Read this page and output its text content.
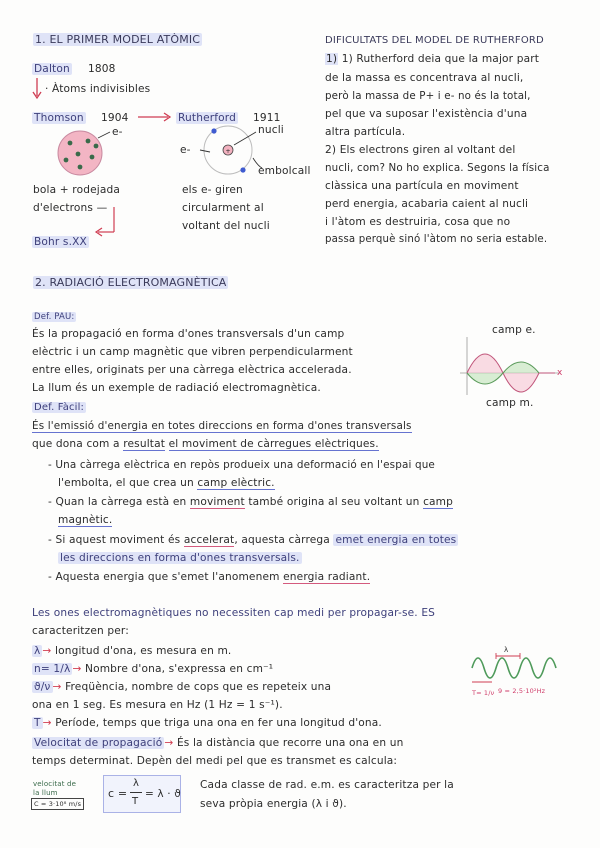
1. EL PRIMER MODEL ATÒMIC
Dalton 1808
+
· Àtoms indivisibles
Thomson 1904	Rutherford 1911
e-
e-
nucli
embolcall
bola + rodejada
d'electrons —
els e- giren
circularment al
voltant del nucli
Bohr s.XX
DIFICULTATS DEL MODEL DE RUTHERFORD
1) 1) Rutherford deia que la major part
de la massa es concentrava al nucli,
però la massa de P+ i e- no és la total,
pel que va suposar l'existència d'una
altra partícula.
2) Els electrons giren al voltant del
nucli, com? No ho explica. Segons la física
clàssica una partícula en moviment
perd energia, acabaria caient al nucli
i l'àtom es destruiria, cosa que no
passa perquè sinó l'àtom no seria estable.
2. RADIACIÓ ELECTROMAGNÈTICA
Def. PAU:
És la propagació en forma d'ones transversals d'un camp
elèctric i un camp magnètic que vibren perpendicularment
entre elles, originats per una càrrega elèctrica accelerada.
La llum és un exemple de radiació electromagnètica.
camp e.
x
camp m.
Def. Fàcil:
És l'emissió d'energia en totes direccions en forma d'ones transversals
que dona com a resultat el moviment de càrregues elèctriques.
- Una càrrega elèctrica en repòs produeix una deformació en l'espai que
l'embolta, el que crea un camp elèctric.
- Quan la càrrega està en moviment també origina al seu voltant un camp
magnètic.
- Si aquest moviment és accelerat, aquesta càrrega emet energia en totes
les direccions en forma d'ones transversals.
- Aquesta energia que s'emet l'anomenem energia radiant.
Les ones electromagnètiques no necessiten cap medi per propagar-se. ES
caracteritzen per:
λ → longitud d'ona, es mesura en m.
n= 1/λ → Nombre d'ona, s'expressa en cm⁻¹
ϑ/ν → Freqüència, nombre de cops que es repeteix una
ona en 1 seg. Es mesura en Hz (1 Hz = 1 s⁻¹).
T → Període, temps que triga una ona en fer una longitud d'ona.
Velocitat de propagació → És la distància que recorre una ona en un
temps determinat. Depèn del medi pel que es transmet es calcula:
λ
9 = 2,5·10²Hz
T= 1/ν
velocitat de
la llum
C = 3·10⁸ m/s
c =
λ
T
= λ · ϑ
Cada classe de rad. e.m. es caracteritza per la
seva pròpia energia (λ i ϑ).
